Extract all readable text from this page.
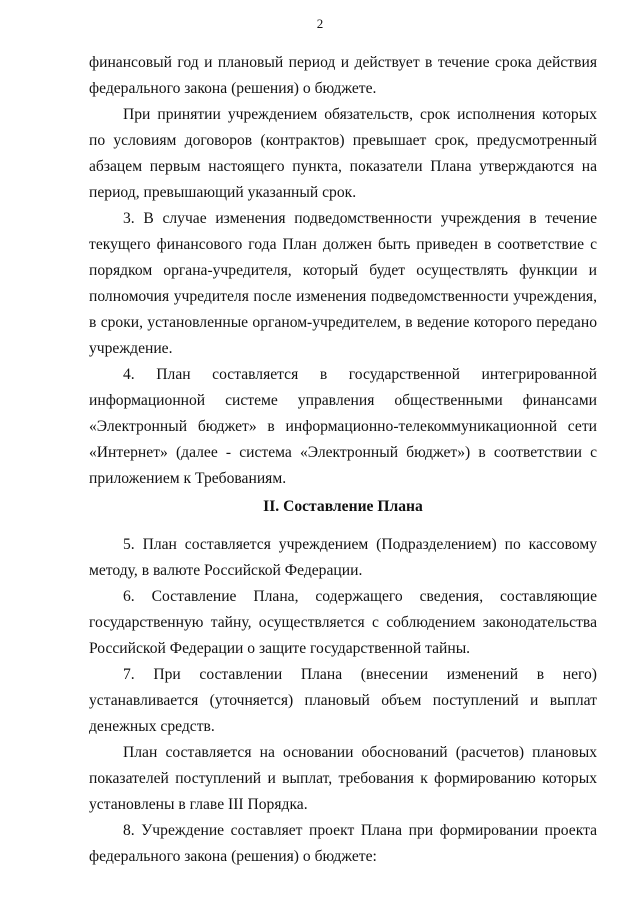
2

финансовый год и плановый период и действует в течение срока действия федерального закона (решения) о бюджете.

При принятии учреждением обязательств, срок исполнения которых по условиям договоров (контрактов) превышает срок, предусмотренный абзацем первым настоящего пункта, показатели Плана утверждаются на период, превышающий указанный срок.

3. В случае изменения подведомственности учреждения в течение текущего финансового года План должен быть приведен в соответствие с порядком органа-учредителя, который будет осуществлять функции и полномочия учредителя после изменения подведомственности учреждения, в сроки, установленные органом-учредителем, в ведение которого передано учреждение.

4. План составляется в государственной интегрированной информационной системе управления общественными финансами «Электронный бюджет» в информационно-телекоммуникационной сети «Интернет» (далее - система «Электронный бюджет») в соответствии с приложением к Требованиям.

II. Составление Плана

5. План составляется учреждением (Подразделением) по кассовому методу, в валюте Российской Федерации.

6. Составление Плана, содержащего сведения, составляющие государственную тайну, осуществляется с соблюдением законодательства Российской Федерации о защите государственной тайны.

7. При составлении Плана (внесении изменений в него) устанавливается (уточняется) плановый объем поступлений и выплат денежных средств.

План составляется на основании обоснований (расчетов) плановых показателей поступлений и выплат, требования к формированию которых установлены в главе III Порядка.

8. Учреждение составляет проект Плана при формировании проекта федерального закона (решения) о бюджете:
